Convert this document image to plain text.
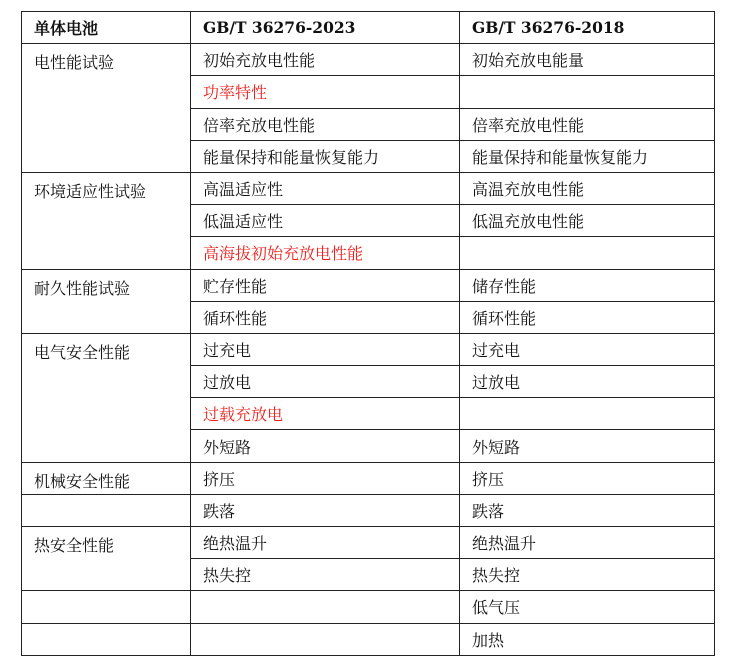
单体电池	GB/T 36276-2023	GB/T 36276-2018
电性能试验	初始充放电性能	初始充放电能量
	功率特性	
	倍率充放电性能	倍率充放电性能
	能量保持和能量恢复能力	能量保持和能量恢复能力
环境适应性试验	高温适应性	高温充放电性能
	低温适应性	低温充放电性能
	高海拔初始充放电性能	
耐久性能试验	贮存性能	储存性能
	循环性能	循环性能
电气安全性能	过充电	过充电
	过放电	过放电
	过载充放电	
	外短路	外短路
机械安全性能	挤压	挤压
	跌落	跌落
热安全性能	绝热温升	绝热温升
	热失控	热失控
		低气压
		加热
